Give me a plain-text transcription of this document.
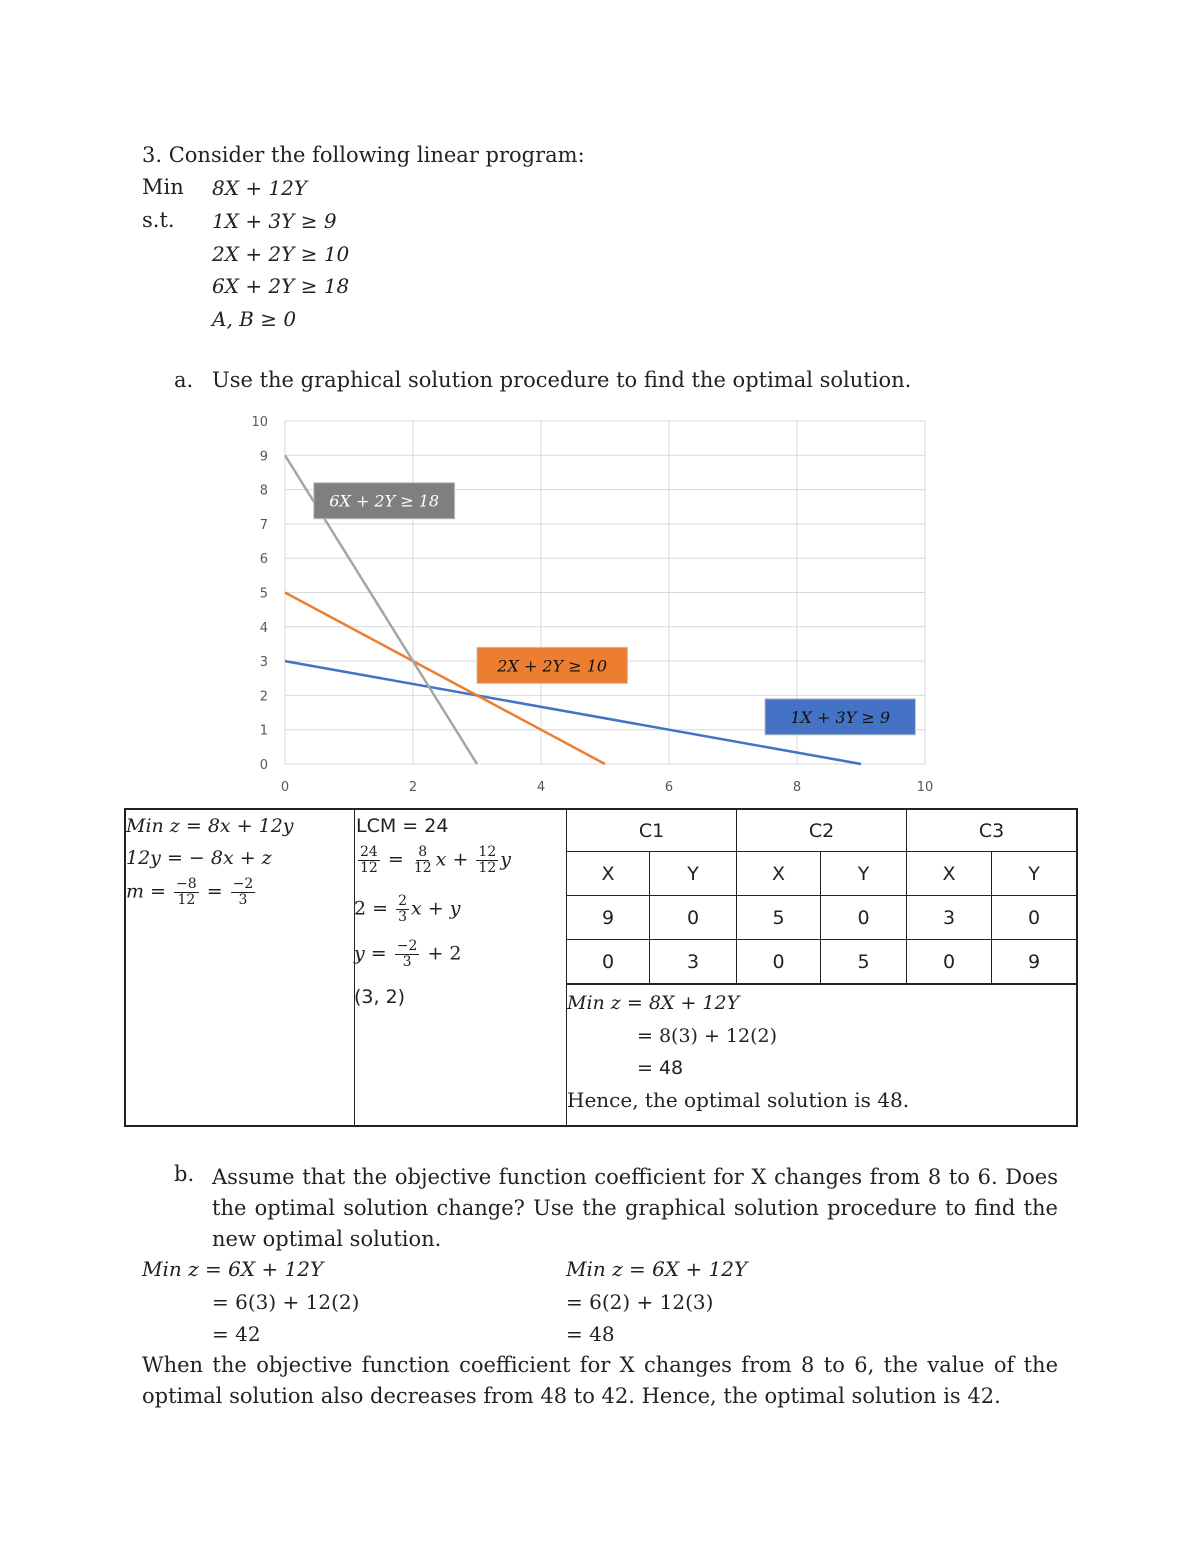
3. Consider the following linear program:
Min 8X + 12Y
s.t. 1X + 3Y ≥ 9
2X + 2Y ≥ 10
6X + 2Y ≥ 18
A, B ≥ 0
a. Use the graphical solution procedure to find the optimal solution.
0
1
2
3
4
5
6
7
8
9
10
0	2	4	6	8	10
6X + 2Y ≥ 18
2X + 2Y ≥ 10
1X + 3Y ≥ 9
Min z = 8x + 12y
12y = − 8x + z
$m = \frac{-8}{12} = \frac{-2}{3}$
LCM = 24
$\frac{24}{12} = \frac{8}{12}$ $x + \frac{12}{12}$ y
$2 = \frac{2}{3}$ x + y
$y = \frac{-2}{3} + 2$
(3, 2)
C1	C2	C3
X	Y	X	Y	X	Y
9	0	5	0	3	0
0	3	0	5	0	9
Min z = 8X + 12Y
= 8(3) + 12(2)
= 48
Hence, the optimal solution is 48.
b. Assume that the objective function coefficient for X changes from 8 to 6. Does the optimal solution change? Use the graphical solution procedure to find the new optimal solution.
Min z = 6X + 12Y
= 6(3) + 12(2)
= 42
Min z = 6X + 12Y
= 6(2) + 12(3)
= 48
When the objective function coefficient for X changes from 8 to 6, the value of the optimal solution also decreases from 48 to 42. Hence, the optimal solution is 42.
